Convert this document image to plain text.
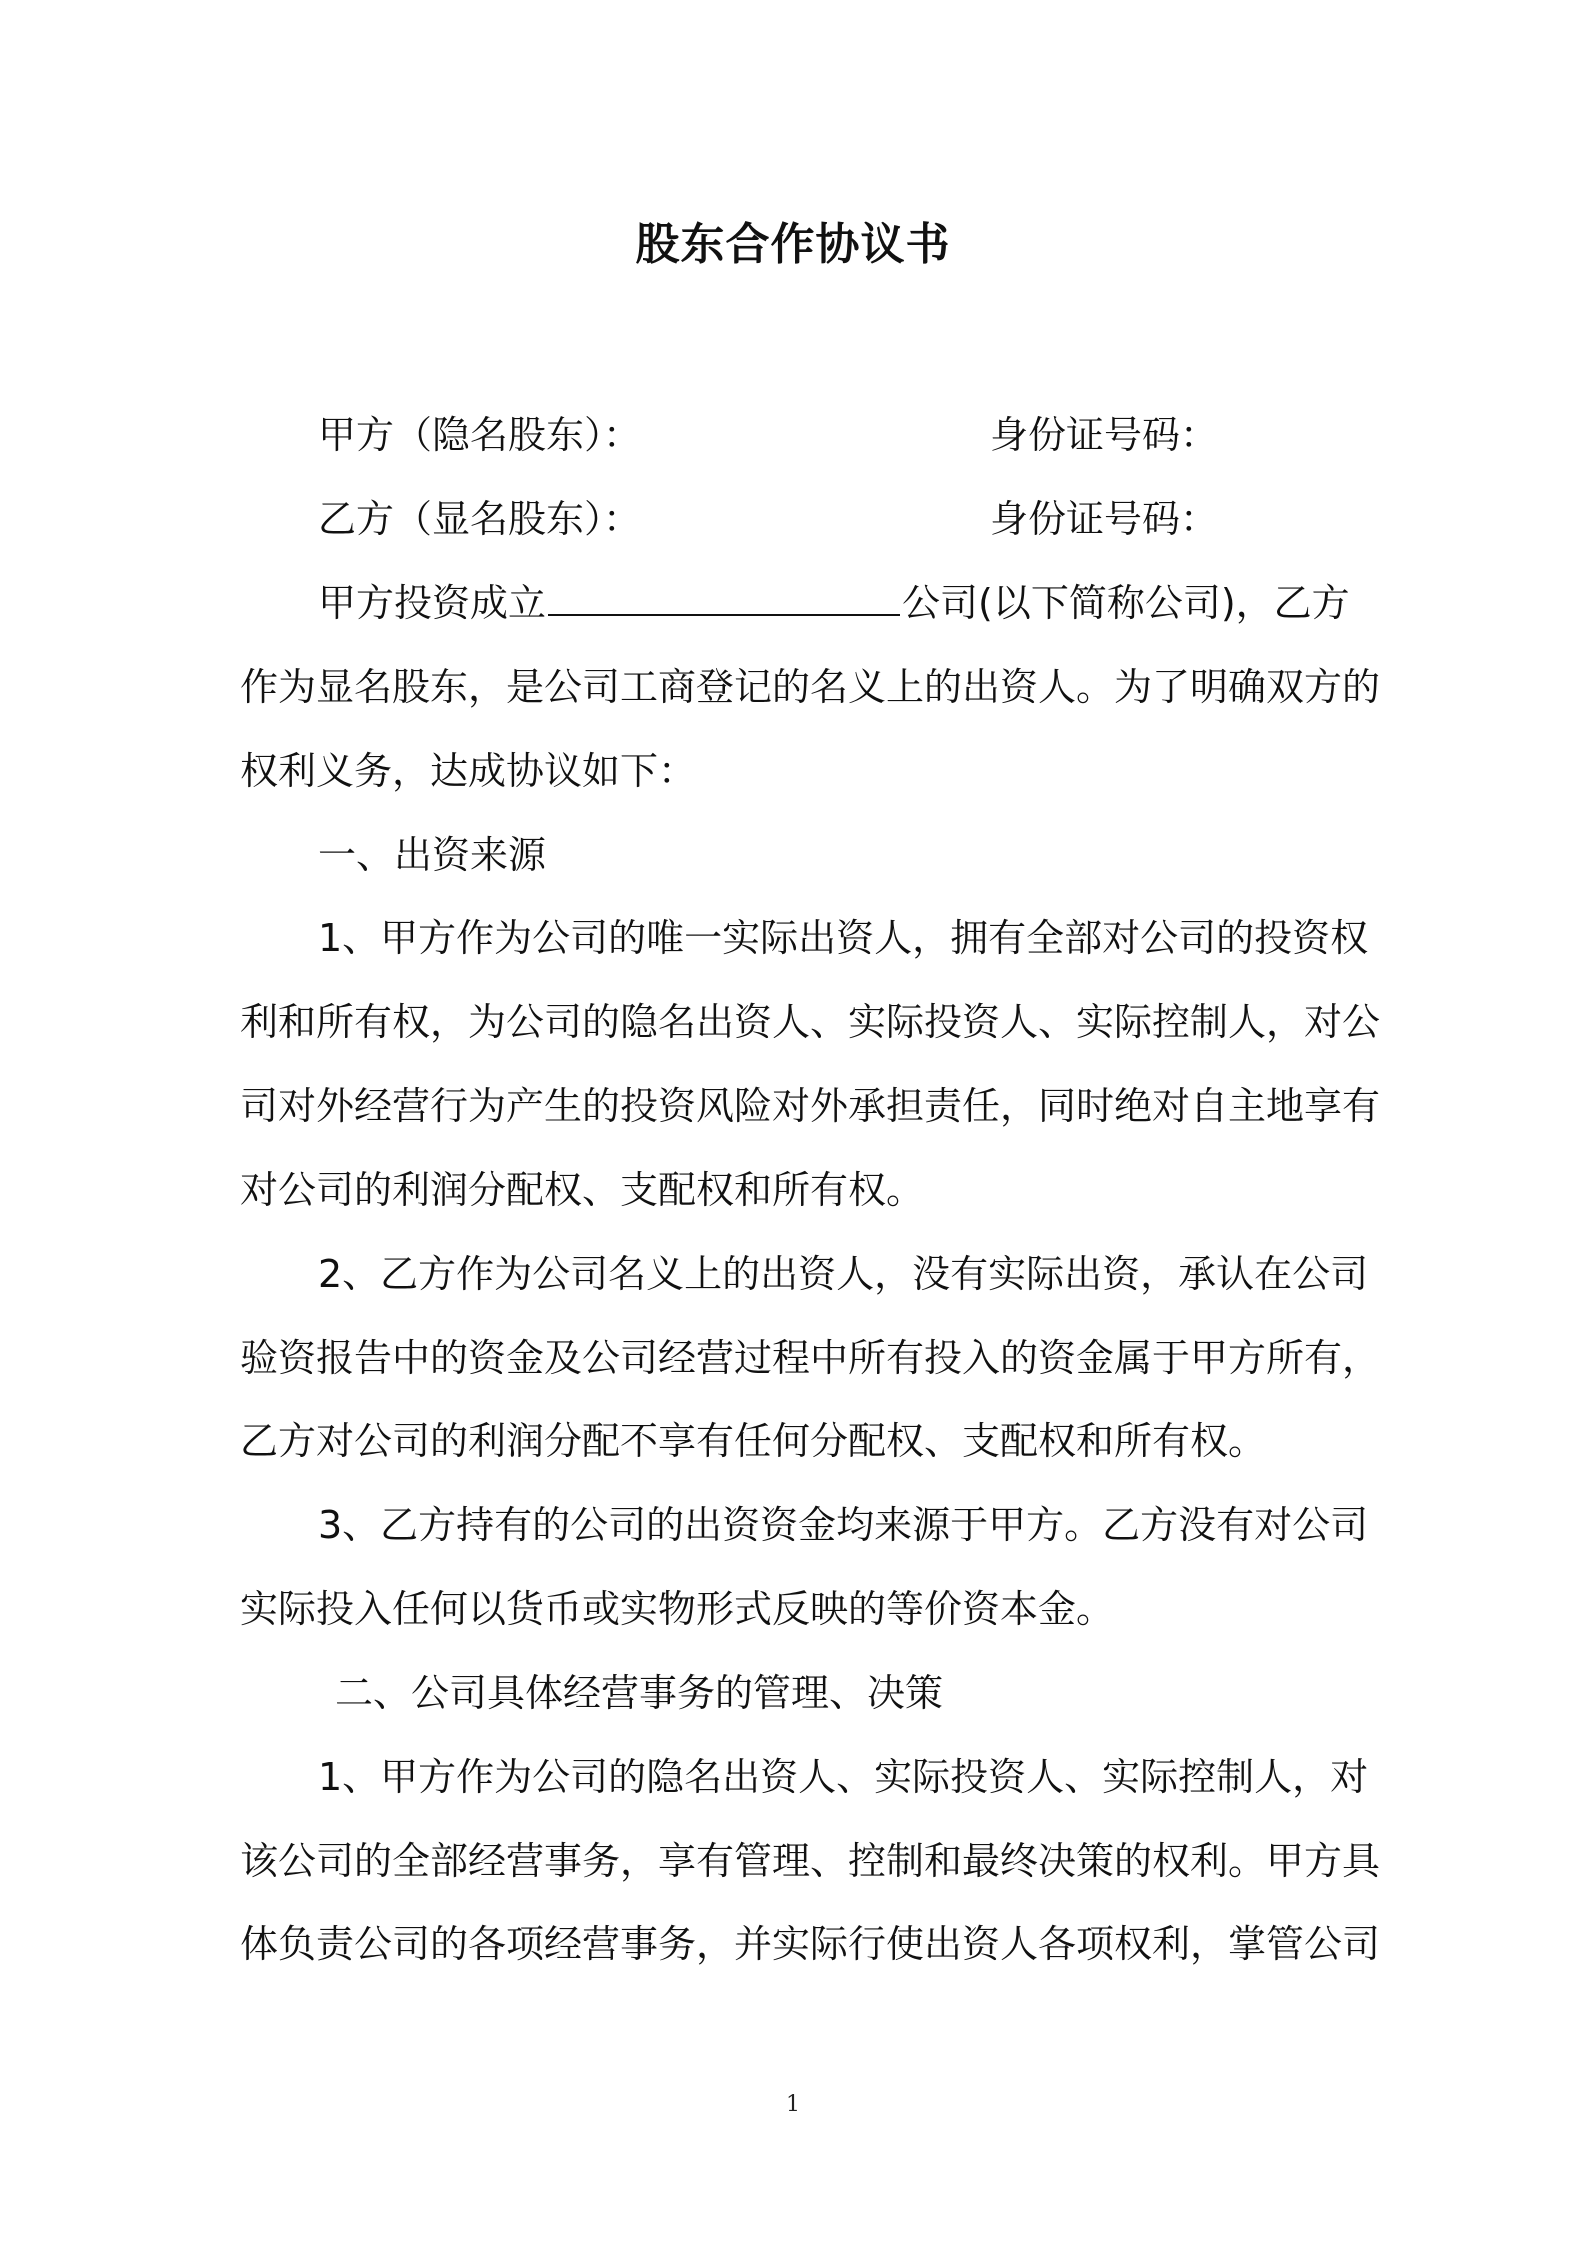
股东合作协议书
甲方（隐名股东）：	身份证号码：
乙方（显名股东）：	身份证号码：
甲方投资成立	公司(以下简称公司)，乙方
作为显名股东，是公司工商登记的名义上的出资人。为了明确双方的
权利义务，达成协议如下：
一、出资来源
1、甲方作为公司的唯一实际出资人，拥有全部对公司的投资权
利和所有权，为公司的隐名出资人、实际投资人、实际控制人，对公
司对外经营行为产生的投资风险对外承担责任，同时绝对自主地享有
对公司的利润分配权、支配权和所有权。
2、乙方作为公司名义上的出资人，没有实际出资，承认在公司
验资报告中的资金及公司经营过程中所有投入的资金属于甲方所有，
乙方对公司的利润分配不享有任何分配权、支配权和所有权。
3、乙方持有的公司的出资资金均来源于甲方。乙方没有对公司
实际投入任何以货币或实物形式反映的等价资本金。
二、公司具体经营事务的管理、决策
1、甲方作为公司的隐名出资人、实际投资人、实际控制人，对
该公司的全部经营事务，享有管理、控制和最终决策的权利。甲方具
体负责公司的各项经营事务，并实际行使出资人各项权利，掌管公司
1
